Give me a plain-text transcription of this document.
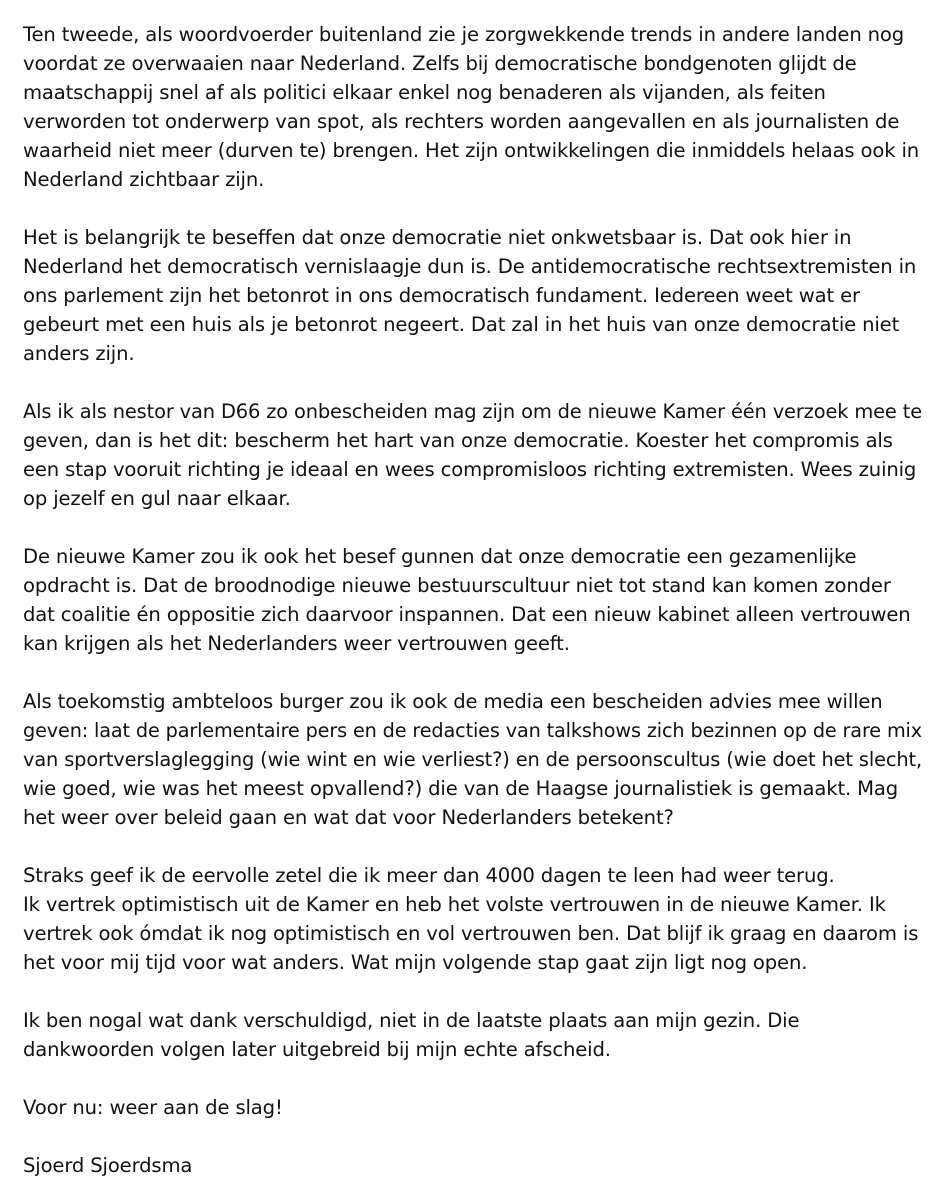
Ten tweede, als woordvoerder buitenland zie je zorgwekkende trends in andere landen nog
voordat ze overwaaien naar Nederland. Zelfs bij democratische bondgenoten glijdt de
maatschappij snel af als politici elkaar enkel nog benaderen als vijanden, als feiten
verworden tot onderwerp van spot, als rechters worden aangevallen en als journalisten de
waarheid niet meer (durven te) brengen. Het zijn ontwikkelingen die inmiddels helaas ook in
Nederland zichtbaar zijn.

Het is belangrijk te beseffen dat onze democratie niet onkwetsbaar is. Dat ook hier in
Nederland het democratisch vernislaagje dun is. De antidemocratische rechtsextremisten in
ons parlement zijn het betonrot in ons democratisch fundament. Iedereen weet wat er
gebeurt met een huis als je betonrot negeert. Dat zal in het huis van onze democratie niet
anders zijn.

Als ik als nestor van D66 zo onbescheiden mag zijn om de nieuwe Kamer één verzoek mee te
geven, dan is het dit: bescherm het hart van onze democratie. Koester het compromis als
een stap vooruit richting je ideaal en wees compromisloos richting extremisten. Wees zuinig
op jezelf en gul naar elkaar.

De nieuwe Kamer zou ik ook het besef gunnen dat onze democratie een gezamenlijke
opdracht is. Dat de broodnodige nieuwe bestuurscultuur niet tot stand kan komen zonder
dat coalitie én oppositie zich daarvoor inspannen. Dat een nieuw kabinet alleen vertrouwen
kan krijgen als het Nederlanders weer vertrouwen geeft.

Als toekomstig ambteloos burger zou ik ook de media een bescheiden advies mee willen
geven: laat de parlementaire pers en de redacties van talkshows zich bezinnen op de rare mix
van sportverslaglegging (wie wint en wie verliest?) en de persoonscultus (wie doet het slecht,
wie goed, wie was het meest opvallend?) die van de Haagse journalistiek is gemaakt. Mag
het weer over beleid gaan en wat dat voor Nederlanders betekent?

Straks geef ik de eervolle zetel die ik meer dan 4000 dagen te leen had weer terug.
Ik vertrek optimistisch uit de Kamer en heb het volste vertrouwen in de nieuwe Kamer. Ik
vertrek ook ómdat ik nog optimistisch en vol vertrouwen ben. Dat blijf ik graag en daarom is
het voor mij tijd voor wat anders. Wat mijn volgende stap gaat zijn ligt nog open.

Ik ben nogal wat dank verschuldigd, niet in de laatste plaats aan mijn gezin. Die
dankwoorden volgen later uitgebreid bij mijn echte afscheid.

Voor nu: weer aan de slag!

Sjoerd Sjoerdsma
